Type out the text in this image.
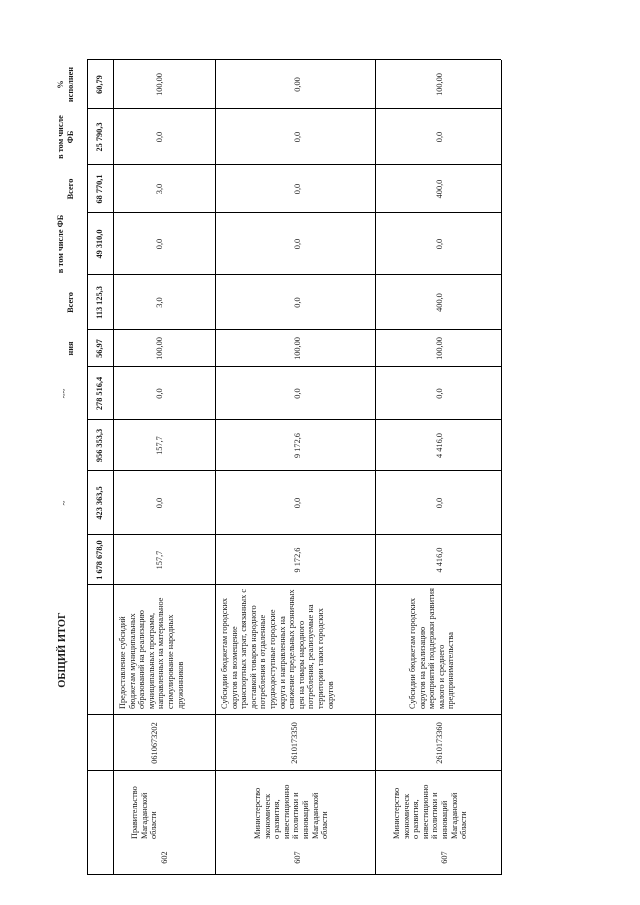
ОБЩИЙ ИТОГ
~
~~
ния
Всего
в том числе ФБ
Всего
в том числе ФБ
%
исполнен
1 678 678,0
423 363,5
956 353,3
278 516,4
56,97
113 125,3
49 310,0
68 770,1
25 790,3
60,79
602
Правительство
Магаданской
области
0610673202
Предоставление субсидий
бюджетам муниципальных
образований на реализацию
муниципальных программ,
направленных на материальное
стимулирование народных
дружинников
157,7
0,0
157,7
0,0
100,00
3,0
0,0
3,0
0,0
100,00
607
Министерство
экономическ
о развития,
инвестиционно
й политики и
инноваций
Магаданской
области
2610173350
Субсидии бюджетам городских
округов на возмещение
транспортных затрат, связанных с
доставкой товаров народного
потребления в отдаленные
труднодоступные городские
округа и направленных на
снижение предельных розничных
цен на товары народного
потребления, реализуемые на
территории таких городских
округов
9 172,6
0,0
9 172,6
0,0
100,00
0,0
0,0
0,0
0,0
0,00
607
Министерство
экономическ
о развития,
инвестиционно
й политики и
инноваций
Магаданской
области
2610173360
Субсидии бюджетам городских
округов на реализацию
мероприятий поддержки развития
малого и среднего
предпринимательства
4 416,0
0,0
4 416,0
0,0
100,00
400,0
0,0
400,0
0,0
100,00
